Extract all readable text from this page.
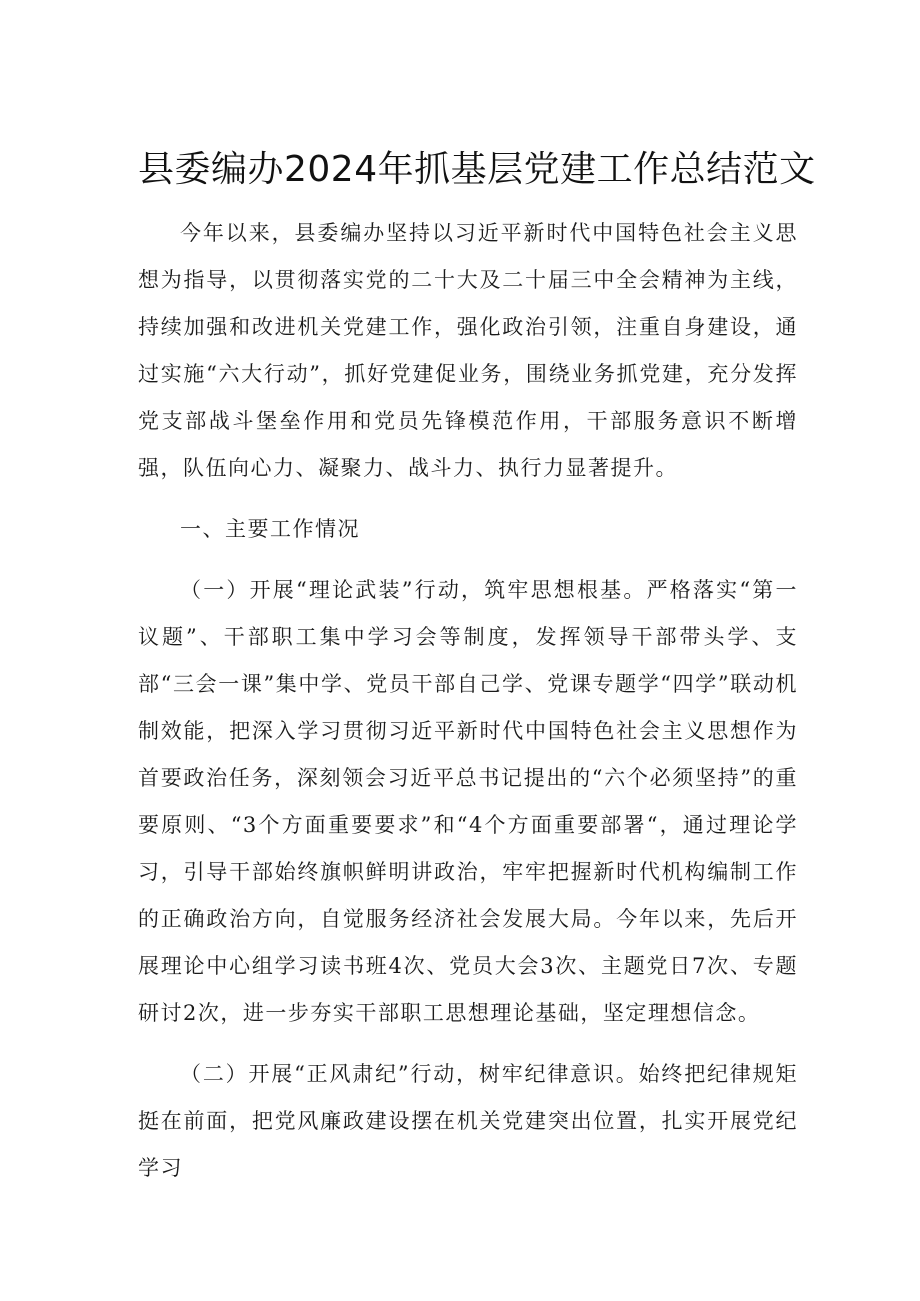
县委编办2024年抓基层党建工作总结范文

今年以来，县委编办坚持以习近平新时代中国特色社会主义思想为指导，以贯彻落实党的二十大及二十届三中全会精神为主线，持续加强和改进机关党建工作，强化政治引领，注重自身建设，通过实施“六大行动”，抓好党建促业务，围绕业务抓党建，充分发挥党支部战斗堡垒作用和党员先锋模范作用，干部服务意识不断增强，队伍向心力、凝聚力、战斗力、执行力显著提升。

一、主要工作情况

（一）开展“理论武装”行动，筑牢思想根基。严格落实“第一议题”、干部职工集中学习会等制度，发挥领导干部带头学、支部“三会一课”集中学、党员干部自己学、党课专题学“四学”联动机制效能，把深入学习贯彻习近平新时代中国特色社会主义思想作为首要政治任务，深刻领会习近平总书记提出的“六个必须坚持”的重要原则、“3个方面重要要求”和“4个方面重要部署“，通过理论学习，引导干部始终旗帜鲜明讲政治，牢牢把握新时代机构编制工作的正确政治方向，自觉服务经济社会发展大局。今年以来，先后开展理论中心组学习读书班4次、党员大会3次、主题党日7次、专题研讨2次，进一步夯实干部职工思想理论基础，坚定理想信念。

（二）开展“正风肃纪”行动，树牢纪律意识。始终把纪律规矩挺在前面，把党风廉政建设摆在机关党建突出位置，扎实开展党纪学习
